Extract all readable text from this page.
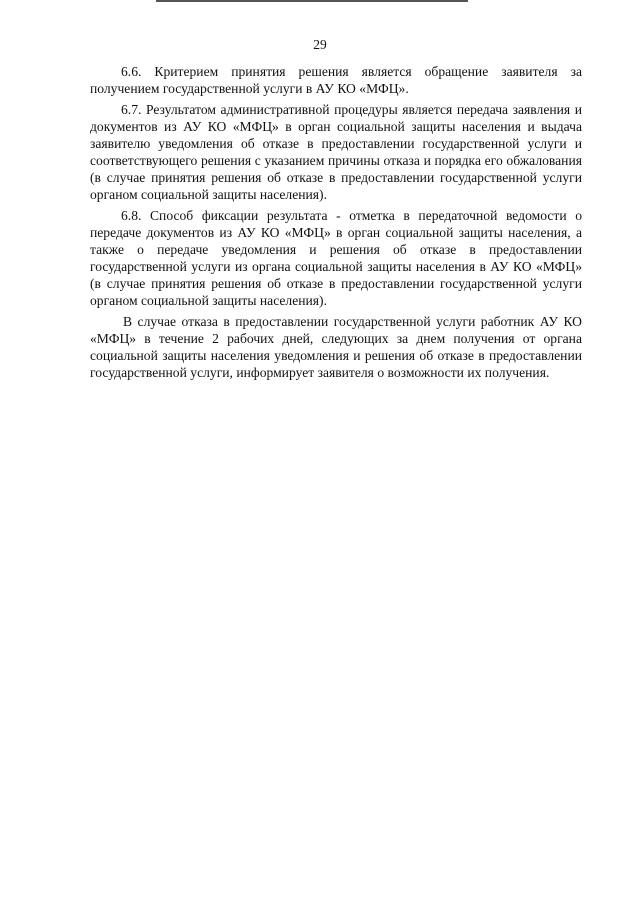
29

6.6. Критерием принятия решения является обращение заявителя за получением государственной услуги в АУ КО «МФЦ».

6.7. Результатом административной процедуры является передача заявления и документов из АУ КО «МФЦ» в орган социальной защиты населения и выдача заявителю уведомления об отказе в предоставлении государственной услуги и соответствующего решения с указанием причины отказа и порядка его обжалования (в случае принятия решения об отказе в предоставлении государственной услуги органом социальной защиты населения).

6.8. Способ фиксации результата - отметка в передаточной ведомости о передаче документов из АУ КО «МФЦ» в орган социальной защиты населения, а также о передаче уведомления и решения об отказе в предоставлении государственной услуги из органа социальной защиты населения в АУ КО «МФЦ» (в случае принятия решения об отказе в предоставлении государственной услуги органом социальной защиты населения).

В случае отказа в предоставлении государственной услуги работник АУ КО «МФЦ» в течение 2 рабочих дней, следующих за днем получения от органа социальной защиты населения уведомления и решения об отказе в предоставлении государственной услуги, информирует заявителя о возможности их получения.
